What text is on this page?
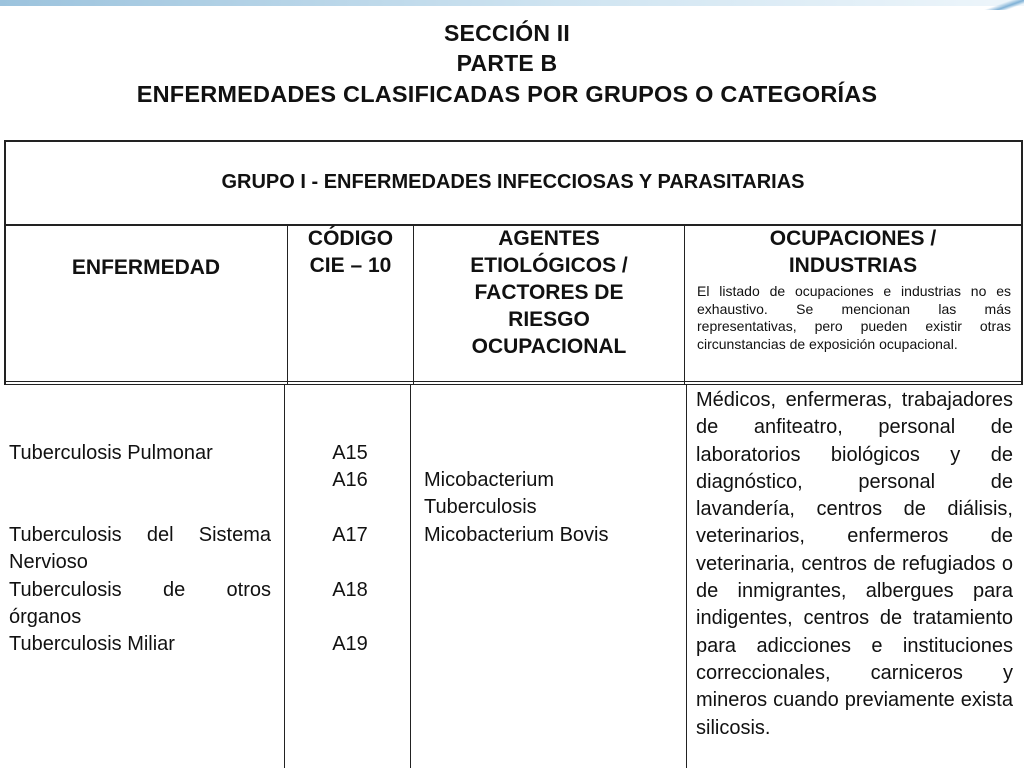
SECCIÓN II
PARTE B
ENFERMEDADES CLASIFICADAS POR GRUPOS O CATEGORÍAS
GRUPO I - ENFERMEDADES INFECCIOSAS Y PARASITARIAS
ENFERMEDAD
CÓDIGO
CIE – 10
AGENTES
ETIOLÓGICOS /
FACTORES DE
RIESGO
OCUPACIONAL
OCUPACIONES /
INDUSTRIAS
El listado de ocupaciones e industrias no es exhaustivo. Se mencionan las más representativas, pero pueden existir otras circunstancias de exposición ocupacional.
Tuberculosis Pulmonar
Tuberculosis del Sistema Nervioso
Tuberculosis de otros órganos
Tuberculosis Miliar
A15
A16
A17
A18
A19
Micobacterium
Tuberculosis
Micobacterium Bovis
Médicos, enfermeras, trabajadores de anfiteatro, personal de laboratorios biológicos y de diagnóstico, personal de lavandería, centros de diálisis, veterinarios, enfermeros de veterinaria, centros de refugiados o de inmigrantes, albergues para indigentes, centros de tratamiento para adicciones e instituciones correccionales, carniceros y mineros cuando previamente exista silicosis.
